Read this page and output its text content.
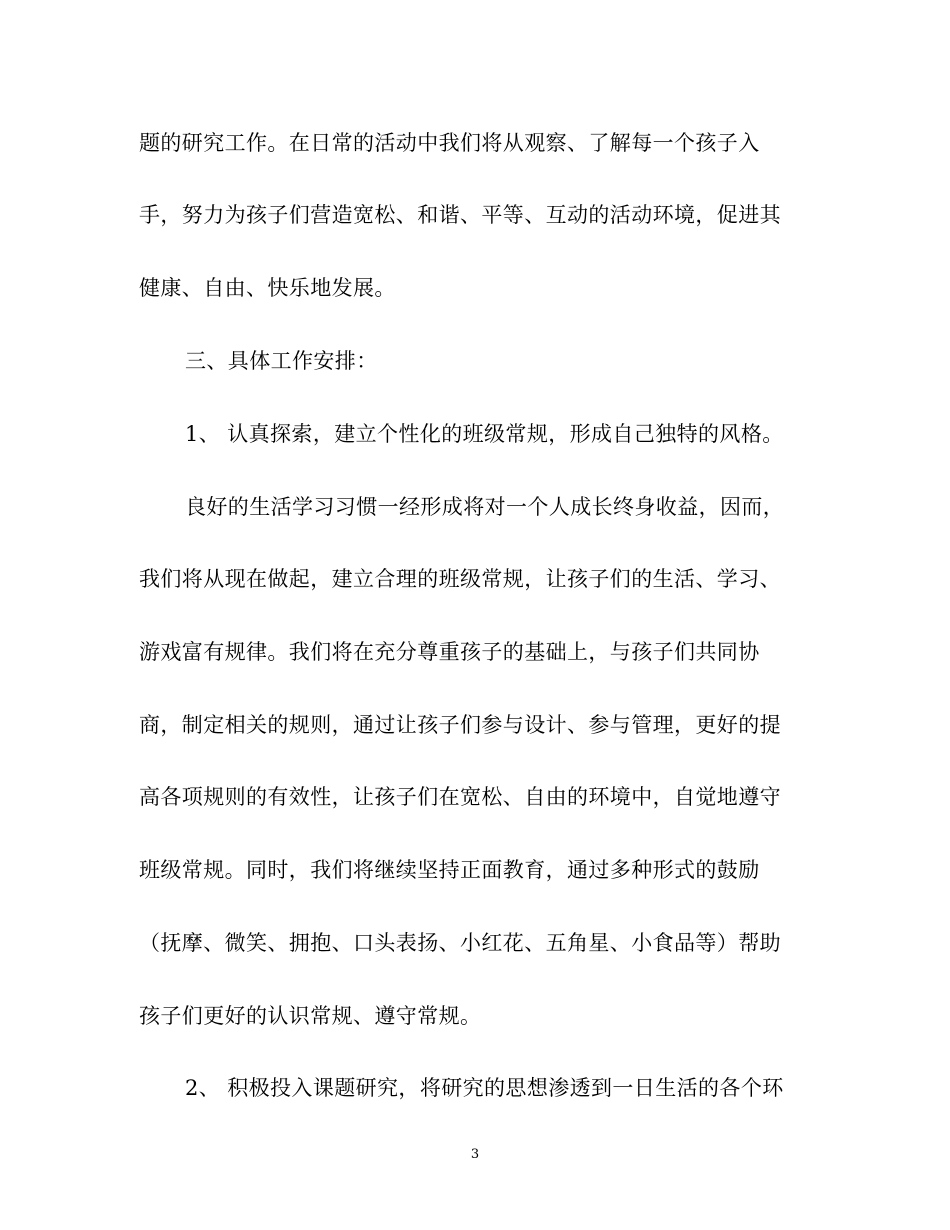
题的研究工作。在日常的活动中我们将从观察、了解每一个孩子入
手，努力为孩子们营造宽松、和谐、平等、互动的活动环境，促进其
健康、自由、快乐地发展。
三、具体工作安排：
1、 认真探索，建立个性化的班级常规，形成自己独特的风格。
良好的生活学习习惯一经形成将对一个人成长终身收益，因而，
我们将从现在做起，建立合理的班级常规，让孩子们的生活、学习、
游戏富有规律。我们将在充分尊重孩子的基础上，与孩子们共同协
商，制定相关的规则，通过让孩子们参与设计、参与管理，更好的提
高各项规则的有效性，让孩子们在宽松、自由的环境中，自觉地遵守
班级常规。同时，我们将继续坚持正面教育，通过多种形式的鼓励
（抚摩、微笑、拥抱、口头表扬、小红花、五角星、小食品等）帮助
孩子们更好的认识常规、遵守常规。
2、 积极投入课题研究，将研究的思想渗透到一日生活的各个环
3
